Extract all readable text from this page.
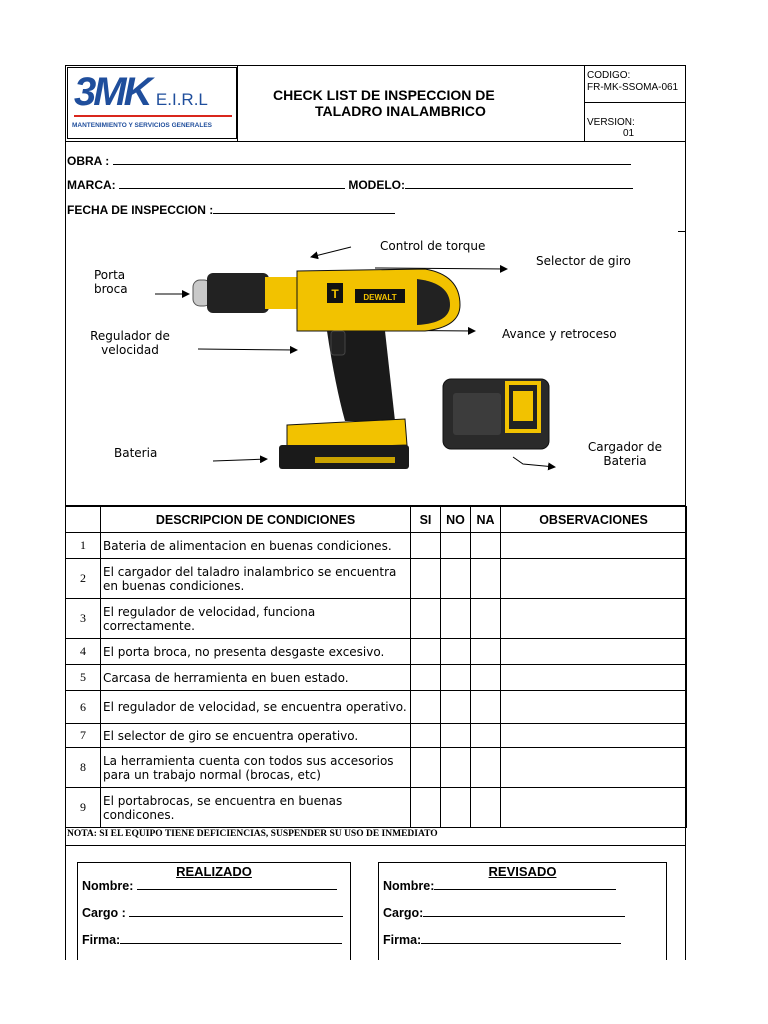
3MK E.I.R.L
MANTENIMIENTO Y SERVICIOS GENERALES
CHECK LIST DE INSPECCION DE
TALADRO INALAMBRICO
CODIGO:
FR-MK-SSOMA-061
VERSION:
01
OBRA :
MARCA:	MODELO:
FECHA DE INSPECCION :
Control de torque
Selector de giro
Porta
broca
Regulador de
velocidad
Avance y retroceso
Bateria	Cargador de
Bateria
T	DEWALT
	DESCRIPCION DE CONDICIONES	SI	NO	NA	OBSERVACIONES
1	Bateria de alimentacion en buenas condiciones.				
2	El cargador del taladro inalambrico se encuentra en buenas condiciones.				
3	El regulador de velocidad, funciona correctamente.				
4	El porta broca, no presenta desgaste excesivo.				
5	Carcasa de herramienta en buen estado.				
6	El regulador de velocidad, se encuentra operativo.				
7	El selector de giro se encuentra operativo.				
8	La herramienta cuenta con todos sus accesorios para un trabajo normal (brocas, etc)				
9	El portabrocas, se encuentra en buenas condicones.				
NOTA: SI EL EQUIPO TIENE DEFICIENCIAS, SUSPENDER SU USO DE INMEDIATO
REALIZADO
Nombre:
Cargo :
Firma:
REVISADO
Nombre:
Cargo:
Firma:
